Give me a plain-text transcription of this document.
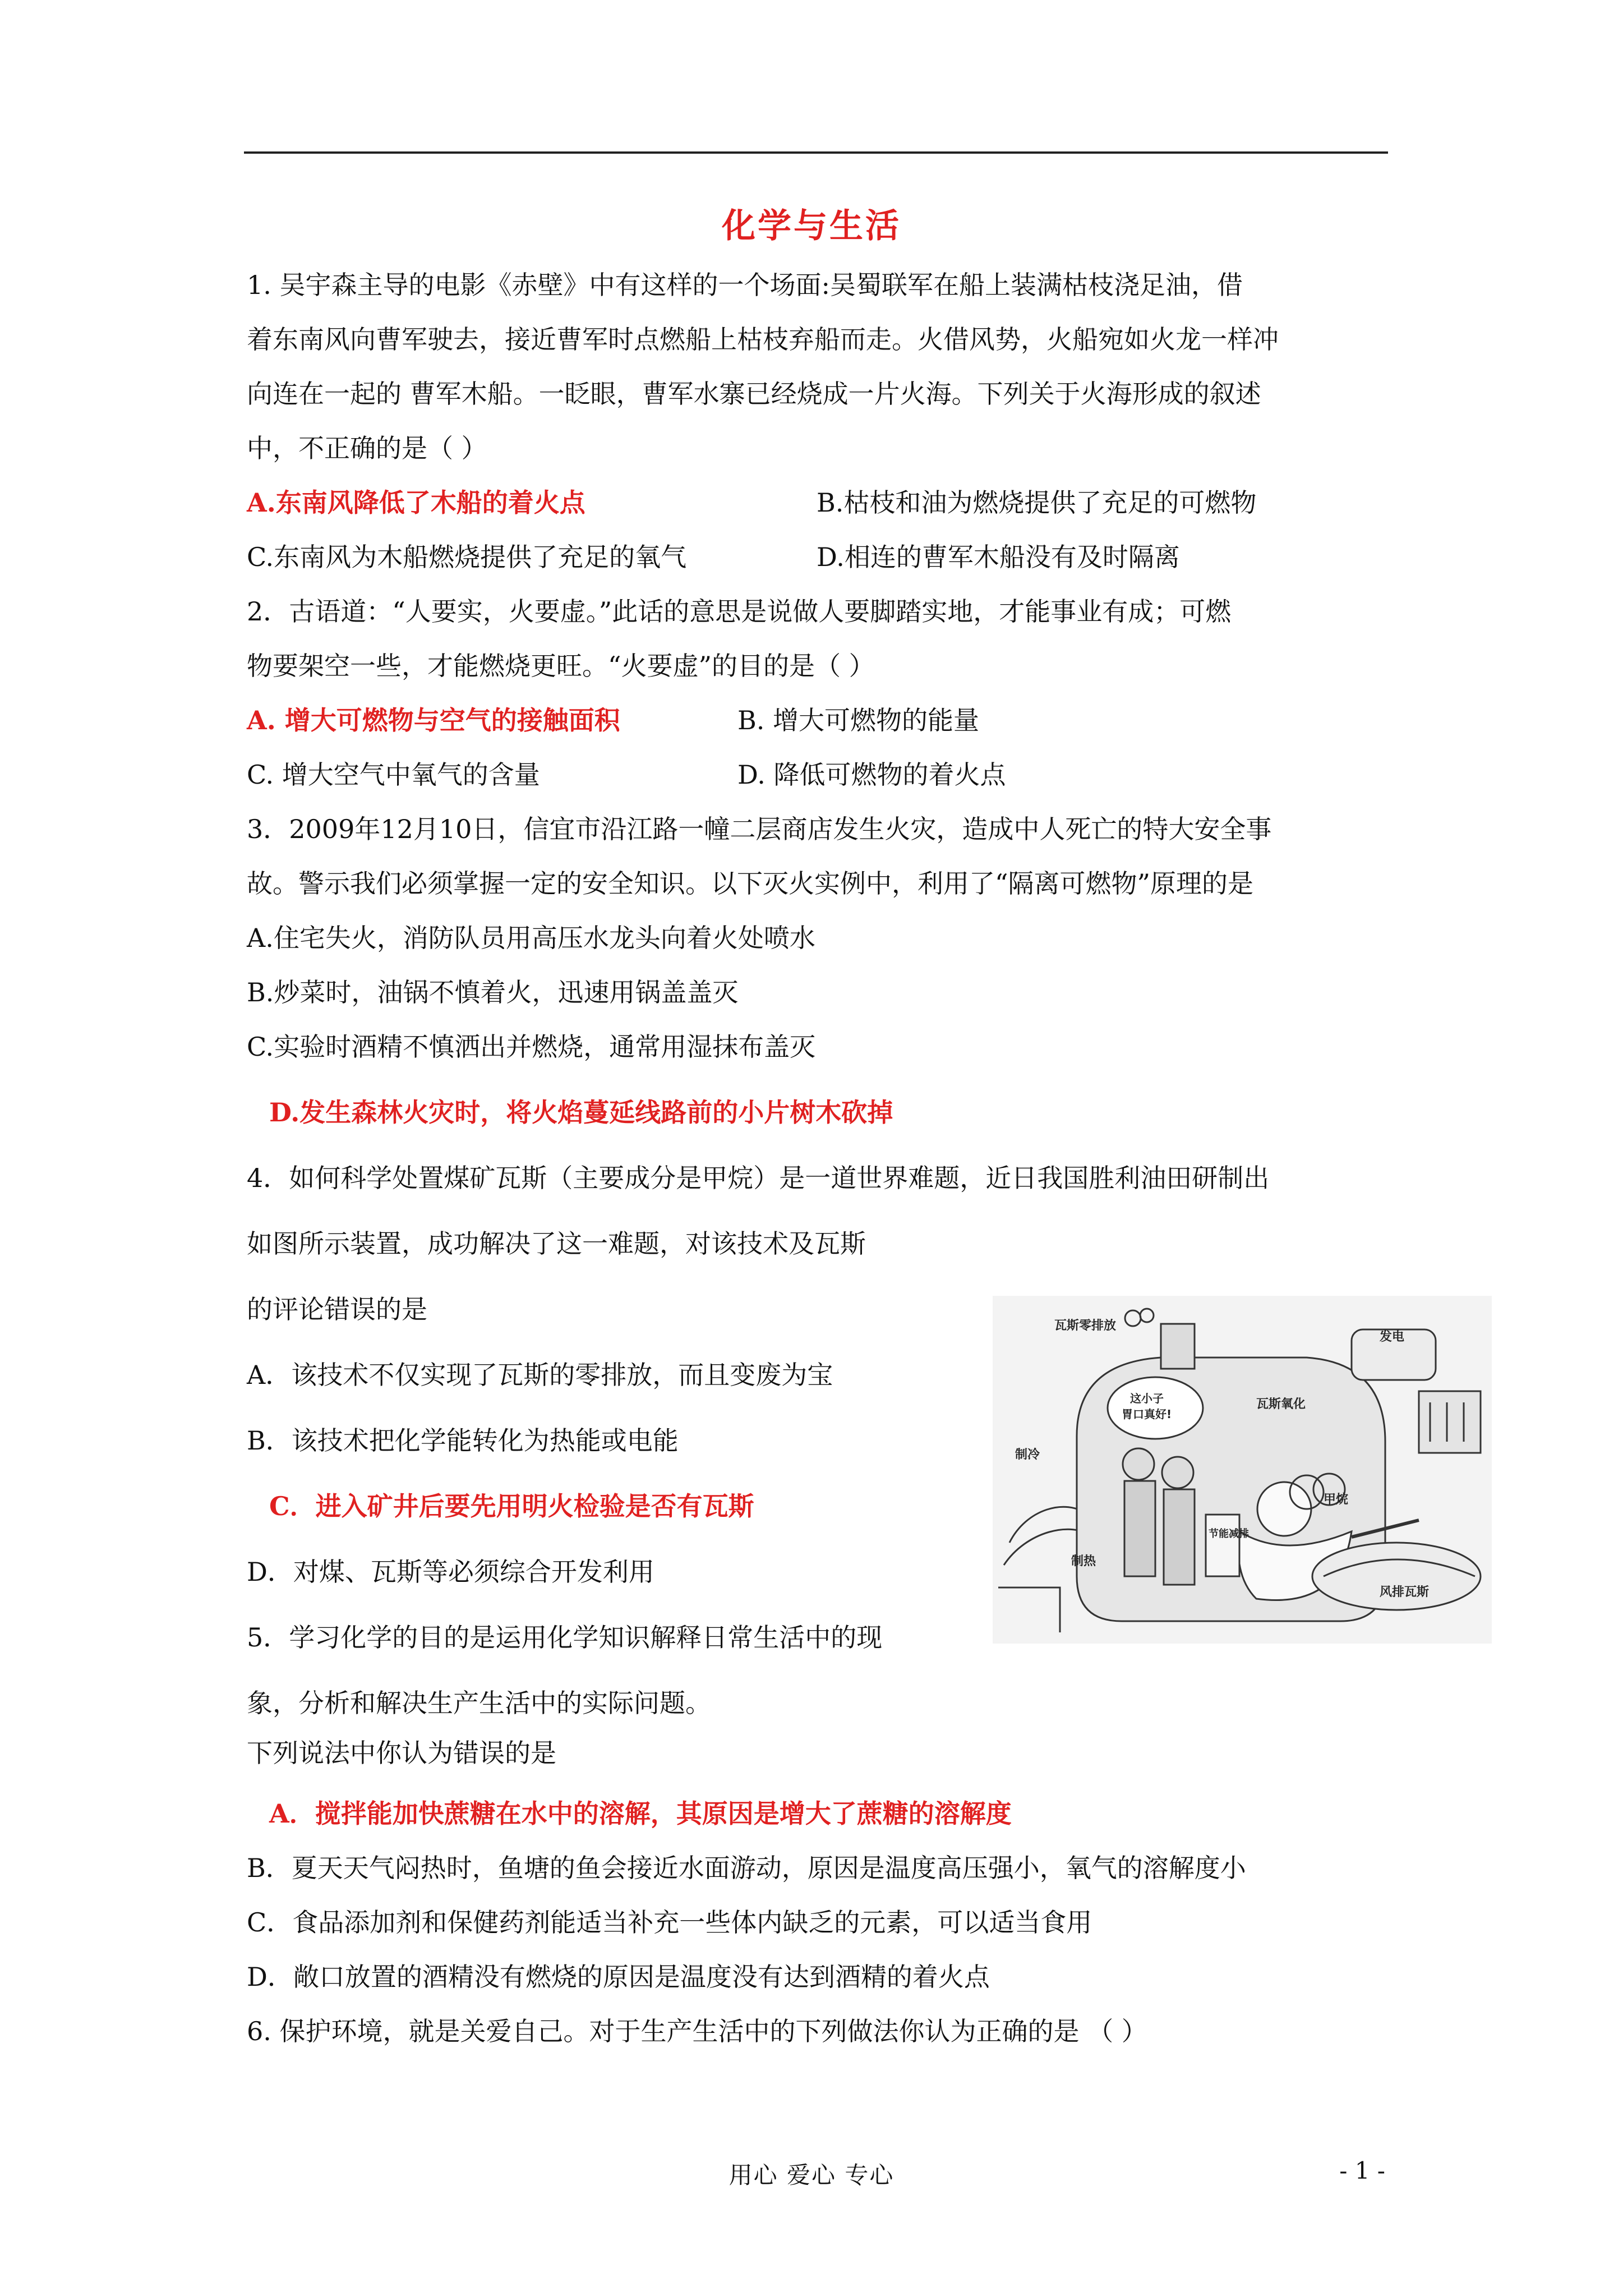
化学与生活
1. 吴宇森主导的电影《赤壁》中有这样的一个场面:吴蜀联军在船上装满枯枝浇足油，借
着东南风向曹军驶去，接近曹军时点燃船上枯枝弃船而走。火借风势，火船宛如火龙一样冲
向连在一起的 曹军木船。一眨眼，曹军水寨已经烧成一片火海。下列关于火海形成的叙述
中，不正确的是（ ）
A.东南风降低了木船的着火点	B.枯枝和油为燃烧提供了充足的可燃物
C.东南风为木船燃烧提供了充足的氧气	D.相连的曹军木船没有及时隔离
2．古语道：“人要实，火要虚。”此话的意思是说做人要脚踏实地，才能事业有成；可燃
物要架空一些，才能燃烧更旺。“火要虚”的目的是（ ）
A. 增大可燃物与空气的接触面积	B. 增大可燃物的能量
C. 增大空气中氧气的含量	D. 降低可燃物的着火点
3．2009年12月10日，信宜市沿江路一幢二层商店发生火灾，造成中人死亡的特大安全事
故。警示我们必须掌握一定的安全知识。以下灭火实例中，利用了“隔离可燃物”原理的是
A.住宅失火，消防队员用高压水龙头向着火处喷水
B.炒菜时，油锅不慎着火，迅速用锅盖盖灭
C.实验时酒精不慎洒出并燃烧，通常用湿抹布盖灭
D.发生森林火灾时，将火焰蔓延线路前的小片树木砍掉
4．如何科学处置煤矿瓦斯（主要成分是甲烷）是一道世界难题，近日我国胜利油田研制出
如图所示装置，成功解决了这一难题，对该技术及瓦斯
的评论错误的是
A．该技术不仅实现了瓦斯的零排放，而且变废为宝
B．该技术把化学能转化为热能或电能
C．进入矿井后要先用明火检验是否有瓦斯
D．对煤、瓦斯等必须综合开发利用
5．学习化学的目的是运用化学知识解释日常生活中的现
象，分析和解决生产生活中的实际问题。
下列说法中你认为错误的是
A．搅拌能加快蔗糖在水中的溶解，其原因是增大了蔗糖的溶解度
B．夏天天气闷热时，鱼塘的鱼会接近水面游动，原因是温度高压强小，氧气的溶解度小
C．食品添加剂和保健药剂能适当补充一些体内缺乏的元素，可以适当食用
D．敞口放置的酒精没有燃烧的原因是温度没有达到酒精的着火点
6. 保护环境，就是关爱自己。对于生产生活中的下列做法你认为正确的是 （ ）
瓦斯零排放
发电
瓦斯氧化
这小子
胃口真好!
制冷
制热
节能减排
甲烷
风排瓦斯
用心 爱心 专心	- 1 -
